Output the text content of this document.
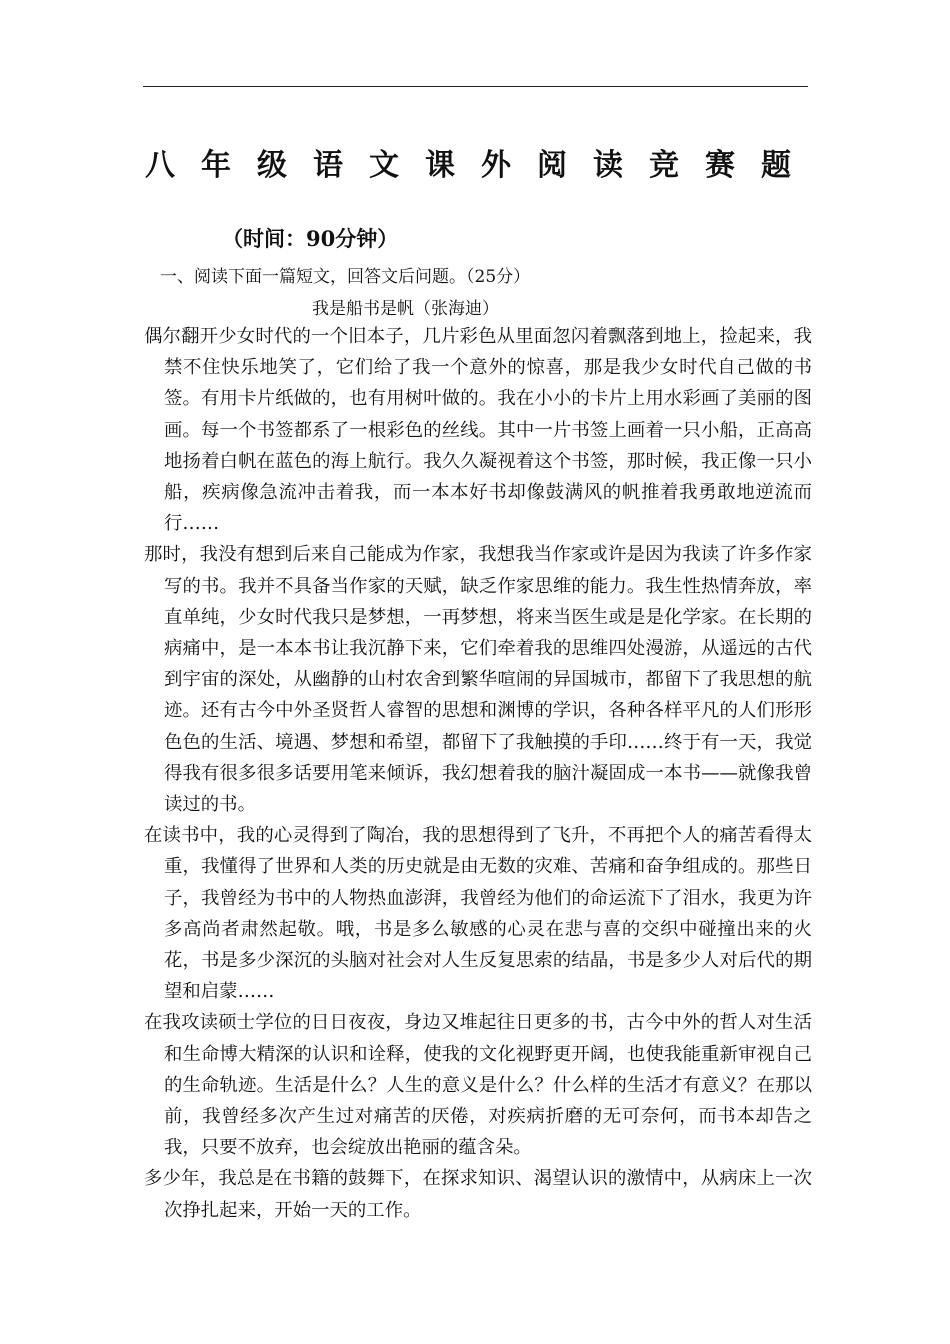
八年级语文课外阅读竞赛题
（时间：90分钟）
一、阅读下面一篇短文，回答文后问题。（25分）
我是船书是帆（张海迪）

偶尔翻开少女时代的一个旧本子，几片彩色从里面忽闪着飘落到地上，捡起来，我禁不住快乐地笑了，它们给了我一个意外的惊喜，那是我少女时代自己做的书签。有用卡片纸做的，也有用树叶做的。我在小小的卡片上用水彩画了美丽的图画。每一个书签都系了一根彩色的丝线。其中一片书签上画着一只小船，正高高地扬着白帆在蓝色的海上航行。我久久凝视着这个书签，那时候，我正像一只小船，疾病像急流冲击着我，而一本本好书却像鼓满风的帆推着我勇敢地逆流而行……

那时，我没有想到后来自己能成为作家，我想我当作家或许是因为我读了许多作家写的书。我并不具备当作家的天赋，缺乏作家思维的能力。我生性热情奔放，率直单纯，少女时代我只是梦想，一再梦想，将来当医生或是是化学家。在长期的病痛中，是一本本书让我沉静下来，它们牵着我的思维四处漫游，从遥远的古代到宇宙的深处，从幽静的山村农舍到繁华喧闹的异国城市，都留下了我思想的航迹。还有古今中外圣贤哲人睿智的思想和渊博的学识，各种各样平凡的人们形形色色的生活、境遇、梦想和希望，都留下了我触摸的手印……终于有一天，我觉得我有很多很多话要用笔来倾诉，我幻想着我的脑汁凝固成一本书——就像我曾读过的书。

在读书中，我的心灵得到了陶冶，我的思想得到了飞升，不再把个人的痛苦看得太重，我懂得了世界和人类的历史就是由无数的灾难、苦痛和奋争组成的。那些日子，我曾经为书中的人物热血澎湃，我曾经为他们的命运流下了泪水，我更为许多高尚者肃然起敬。哦，书是多么敏感的心灵在悲与喜的交织中碰撞出来的火花，书是多少深沉的头脑对社会对人生反复思索的结晶，书是多少人对后代的期望和启蒙……

在我攻读硕士学位的日日夜夜，身边又堆起往日更多的书，古今中外的哲人对生活和生命博大精深的认识和诠释，使我的文化视野更开阔，也使我能重新审视自己的生命轨迹。生活是什么？人生的意义是什么？什么样的生活才有意义？在那以前，我曾经多次产生过对痛苦的厌倦，对疾病折磨的无可奈何，而书本却告之我，只要不放弃，也会绽放出艳丽的蕴含朵。

多少年，我总是在书籍的鼓舞下，在探求知识、渴望认识的激情中，从病床上一次次挣扎起来，开始一天的工作。
